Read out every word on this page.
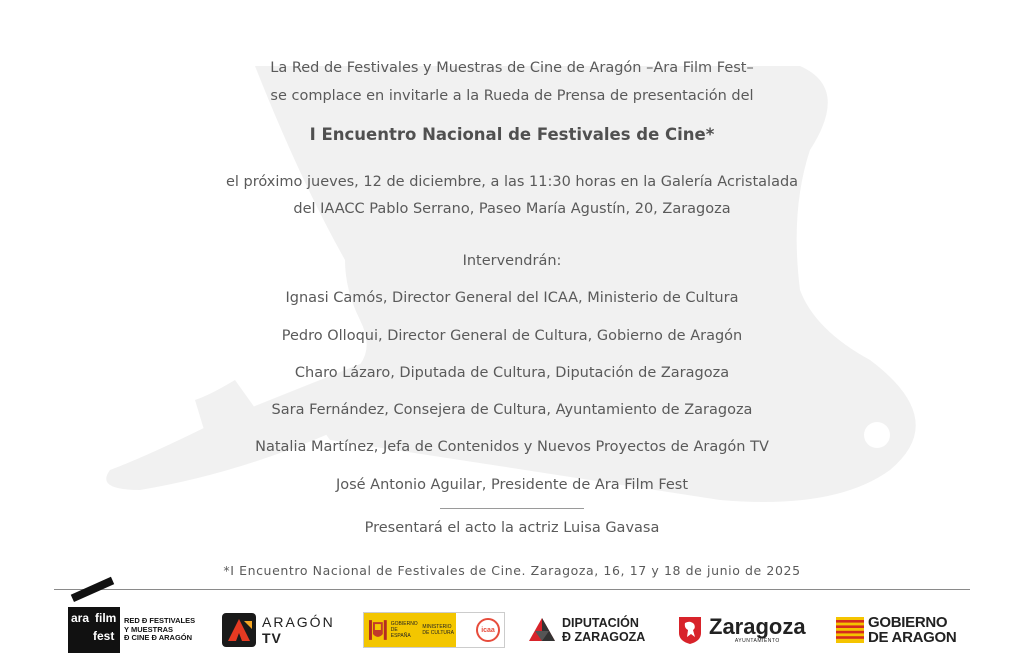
La Red de Festivales y Muestras de Cine de Aragón –Ara Film Fest–
se complace en invitarle a la Rueda de Prensa de presentación del
I Encuentro Nacional de Festivales de Cine*
el próximo jueves, 12 de diciembre, a las 11:30 horas en la Galería Acristalada
del IAACC Pablo Serrano, Paseo María Agustín, 20, Zaragoza
Intervendrán:
Ignasi Camós, Director General del ICAA, Ministerio de Cultura
Pedro Olloqui, Director General de Cultura, Gobierno de Aragón
Charo Lázaro, Diputada de Cultura, Diputación de Zaragoza
Sara Fernández, Consejera de Cultura, Ayuntamiento de Zaragoza
Natalia Martínez, Jefa de Contenidos y Nuevos Proyectos de Aragón TV
José Antonio Aguilar, Presidente de Ara Film Fest
Presentará el acto la actriz Luisa Gavasa
*I Encuentro Nacional de Festivales de Cine. Zaragoza, 16, 17 y 18 de junio de 2025
ara film
fest
RED Ð FESTIVALES
Y MUESTRAS
Ð CINE Ð ARAGÓN
ARAGÓN
TV
GOBIERNO DE ESPAÑA
MINISTERIO DE CULTURA	icaa	DIPUTACIÓN
Ð ZARAGOZA	Zaragoza
AYUNTAMIENTO
GOBIERNO
DE ARAGON
